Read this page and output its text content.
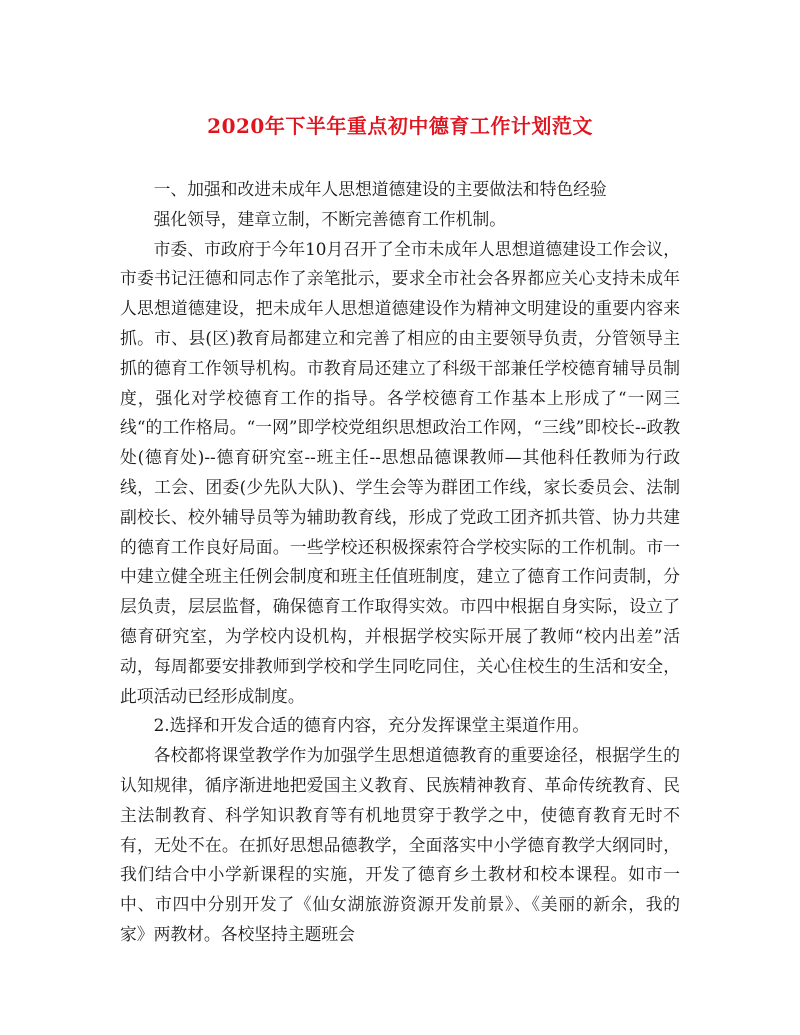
2020年下半年重点初中德育工作计划范文

一、加强和改进未成年人思想道德建设的主要做法和特色经验

强化领导，建章立制，不断完善德育工作机制。

市委、市政府于今年10月召开了全市未成年人思想道德建设工作会议，市委书记汪德和同志作了亲笔批示，要求全市社会各界都应关心支持未成年人思想道德建设，把未成年人思想道德建设作为精神文明建设的重要内容来抓。市、县(区)教育局都建立和完善了相应的由主要领导负责，分管领导主抓的德育工作领导机构。市教育局还建立了科级干部兼任学校德育辅导员制度，强化对学校德育工作的指导。各学校德育工作基本上形成了“一网三线“的工作格局。“一网”即学校党组织思想政治工作网，“三线”即校长--政教处(德育处)--德育研究室--班主任--思想品德课教师—其他科任教师为行政线，工会、团委(少先队大队)、学生会等为群团工作线，家长委员会、法制副校长、校外辅导员等为辅助教育线，形成了党政工团齐抓共管、协力共建的德育工作良好局面。一些学校还积极探索符合学校实际的工作机制。市一中建立健全班主任例会制度和班主任值班制度，建立了德育工作问责制，分层负责，层层监督，确保德育工作取得实效。市四中根据自身实际，设立了德育研究室，为学校内设机构，并根据学校实际开展了教师“校内出差”活动，每周都要安排教师到学校和学生同吃同住，关心住校生的生活和安全，此项活动已经形成制度。

2.选择和开发合适的德育内容，充分发挥课堂主渠道作用。

各校都将课堂教学作为加强学生思想道德教育的重要途径，根据学生的认知规律，循序渐进地把爱国主义教育、民族精神教育、革命传统教育、民主法制教育、科学知识教育等有机地贯穿于教学之中，使德育教育无时不有，无处不在。在抓好思想品德教学，全面落实中小学德育教学大纲同时，我们结合中小学新课程的实施，开发了德育乡土教材和校本课程。如市一中、市四中分别开发了《仙女湖旅游资源开发前景》、《美丽的新余，我的家》两教材。各校坚持主题班会
